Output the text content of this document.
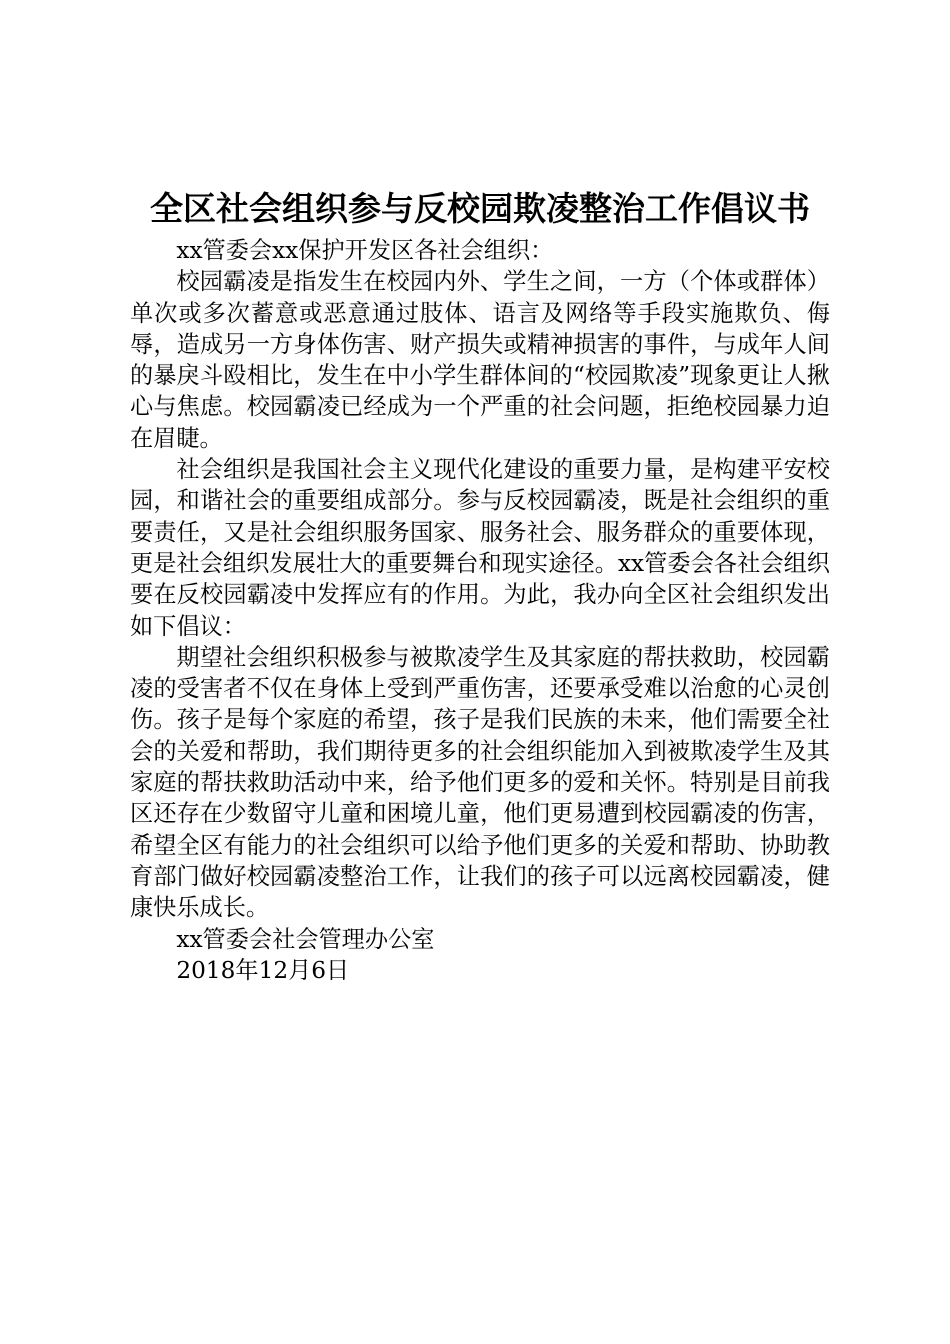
全区社会组织参与反校园欺凌整治工作倡议书

xx管委会xx保护开发区各社会组织：

校园霸凌是指发生在校园内外、学生之间，一方（个体或群体）单次或多次蓄意或恶意通过肢体、语言及网络等手段实施欺负、侮辱，造成另一方身体伤害、财产损失或精神损害的事件，与成年人间的暴戾斗殴相比，发生在中小学生群体间的“校园欺凌”现象更让人揪心与焦虑。校园霸凌已经成为一个严重的社会问题，拒绝校园暴力迫在眉睫。

社会组织是我国社会主义现代化建设的重要力量，是构建平安校园，和谐社会的重要组成部分。参与反校园霸凌，既是社会组织的重要责任，又是社会组织服务国家、服务社会、服务群众的重要体现，更是社会组织发展壮大的重要舞台和现实途径。xx管委会各社会组织要在反校园霸凌中发挥应有的作用。为此，我办向全区社会组织发出如下倡议：

期望社会组织积极参与被欺凌学生及其家庭的帮扶救助，校园霸凌的受害者不仅在身体上受到严重伤害，还要承受难以治愈的心灵创伤。孩子是每个家庭的希望，孩子是我们民族的未来，他们需要全社会的关爱和帮助，我们期待更多的社会组织能加入到被欺凌学生及其家庭的帮扶救助活动中来，给予他们更多的爱和关怀。特别是目前我区还存在少数留守儿童和困境儿童，他们更易遭到校园霸凌的伤害，希望全区有能力的社会组织可以给予他们更多的关爱和帮助、协助教育部门做好校园霸凌整治工作，让我们的孩子可以远离校园霸凌，健康快乐成长。

xx管委会社会管理办公室

2018年12月6日
